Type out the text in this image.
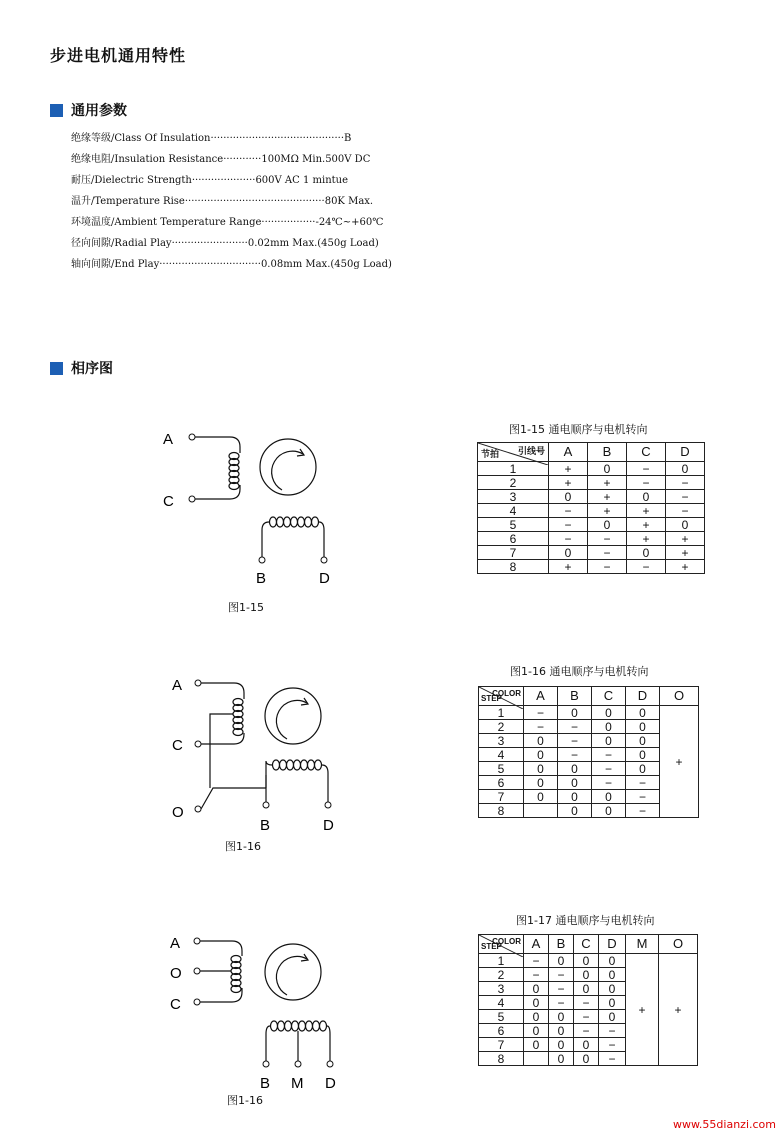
步进电机通用特性
通用参数
绝缘等级/Class Of Insulation··········································B
绝缘电阻/Insulation Resistance············100MΩ Min.500V DC
耐压/Dielectric Strength····················600V AC 1 mintue
温升/Temperature Rise············································80K Max.
环境温度/Ambient Temperature Range·················-24℃~+60℃
径向间隙/Radial Play························0.02mm Max.(450g Load)
轴向间隙/End Play································0.08mm Max.(450g Load)
相序图
A
C
B	D
图1-15
图1-15 通电顺序与电机转向
引线号
节拍	A	B	C	D
1	+	0	−	0
2	+	+	−	−
3	0	+	0	−
4	−	+	+	−
5	−	0	+	0
6	−	−	+	+
7	0	−	0	+
8	+	−	−	+
A
C
O
B	D
图1-16
图1-16 通电顺序与电机转向
COLOR
STEP	A	B	C	D	O
1	−	0	0	0	+
2	−	−	0	0	
3	0	−	0	0	
4	0	−	−	0	
5	0	0	−	0	
6	0	0	−	−	
7	0	0	0	−	
8		0	0	−	
A
O
C
B M D
图1-16
图1-17 通电顺序与电机转向
COLOR
STEP	A	B	C	D	M	O
1	−	0	0	0	+	+
2	−	−	0	0		
3	0	−	0	0		
4	0	−	−	0		
5	0	0	−	0		
6	0	0	−	−		
7	0	0	0	−		
8		0	0	−		
www.55dianzi.com
